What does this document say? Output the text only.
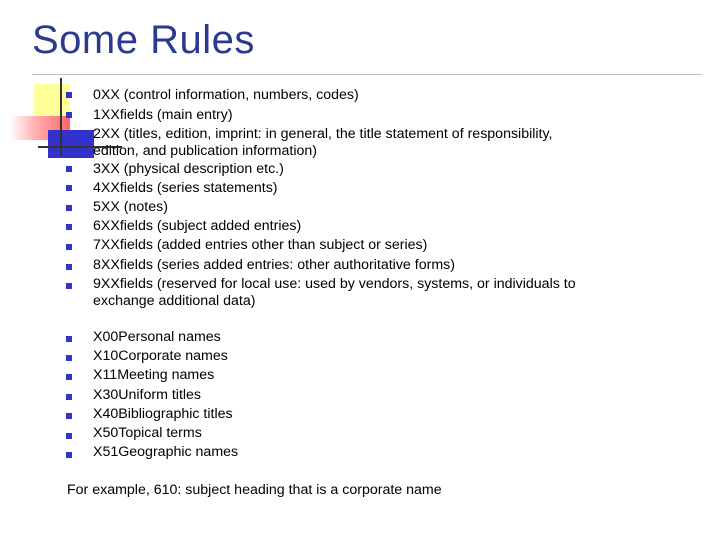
Some Rules
0XX (control information, numbers, codes)
1XXfields (main entry)
2XX (titles, edition, imprint: in general, the title statement of responsibility,
edition, and publication information)
3XX (physical description etc.)
4XXfields (series statements)
5XX (notes)
6XXfields (subject added entries)
7XXfields (added entries other than subject or series)
8XXfields (series added entries: other authoritative forms)
9XXfields (reserved for local use: used by vendors, systems, or individuals to
exchange additional data)
X00Personal names
X10Corporate names
X11Meeting names
X30Uniform titles
X40Bibliographic titles
X50Topical terms
X51Geographic names
For example, 610: subject heading that is a corporate name
